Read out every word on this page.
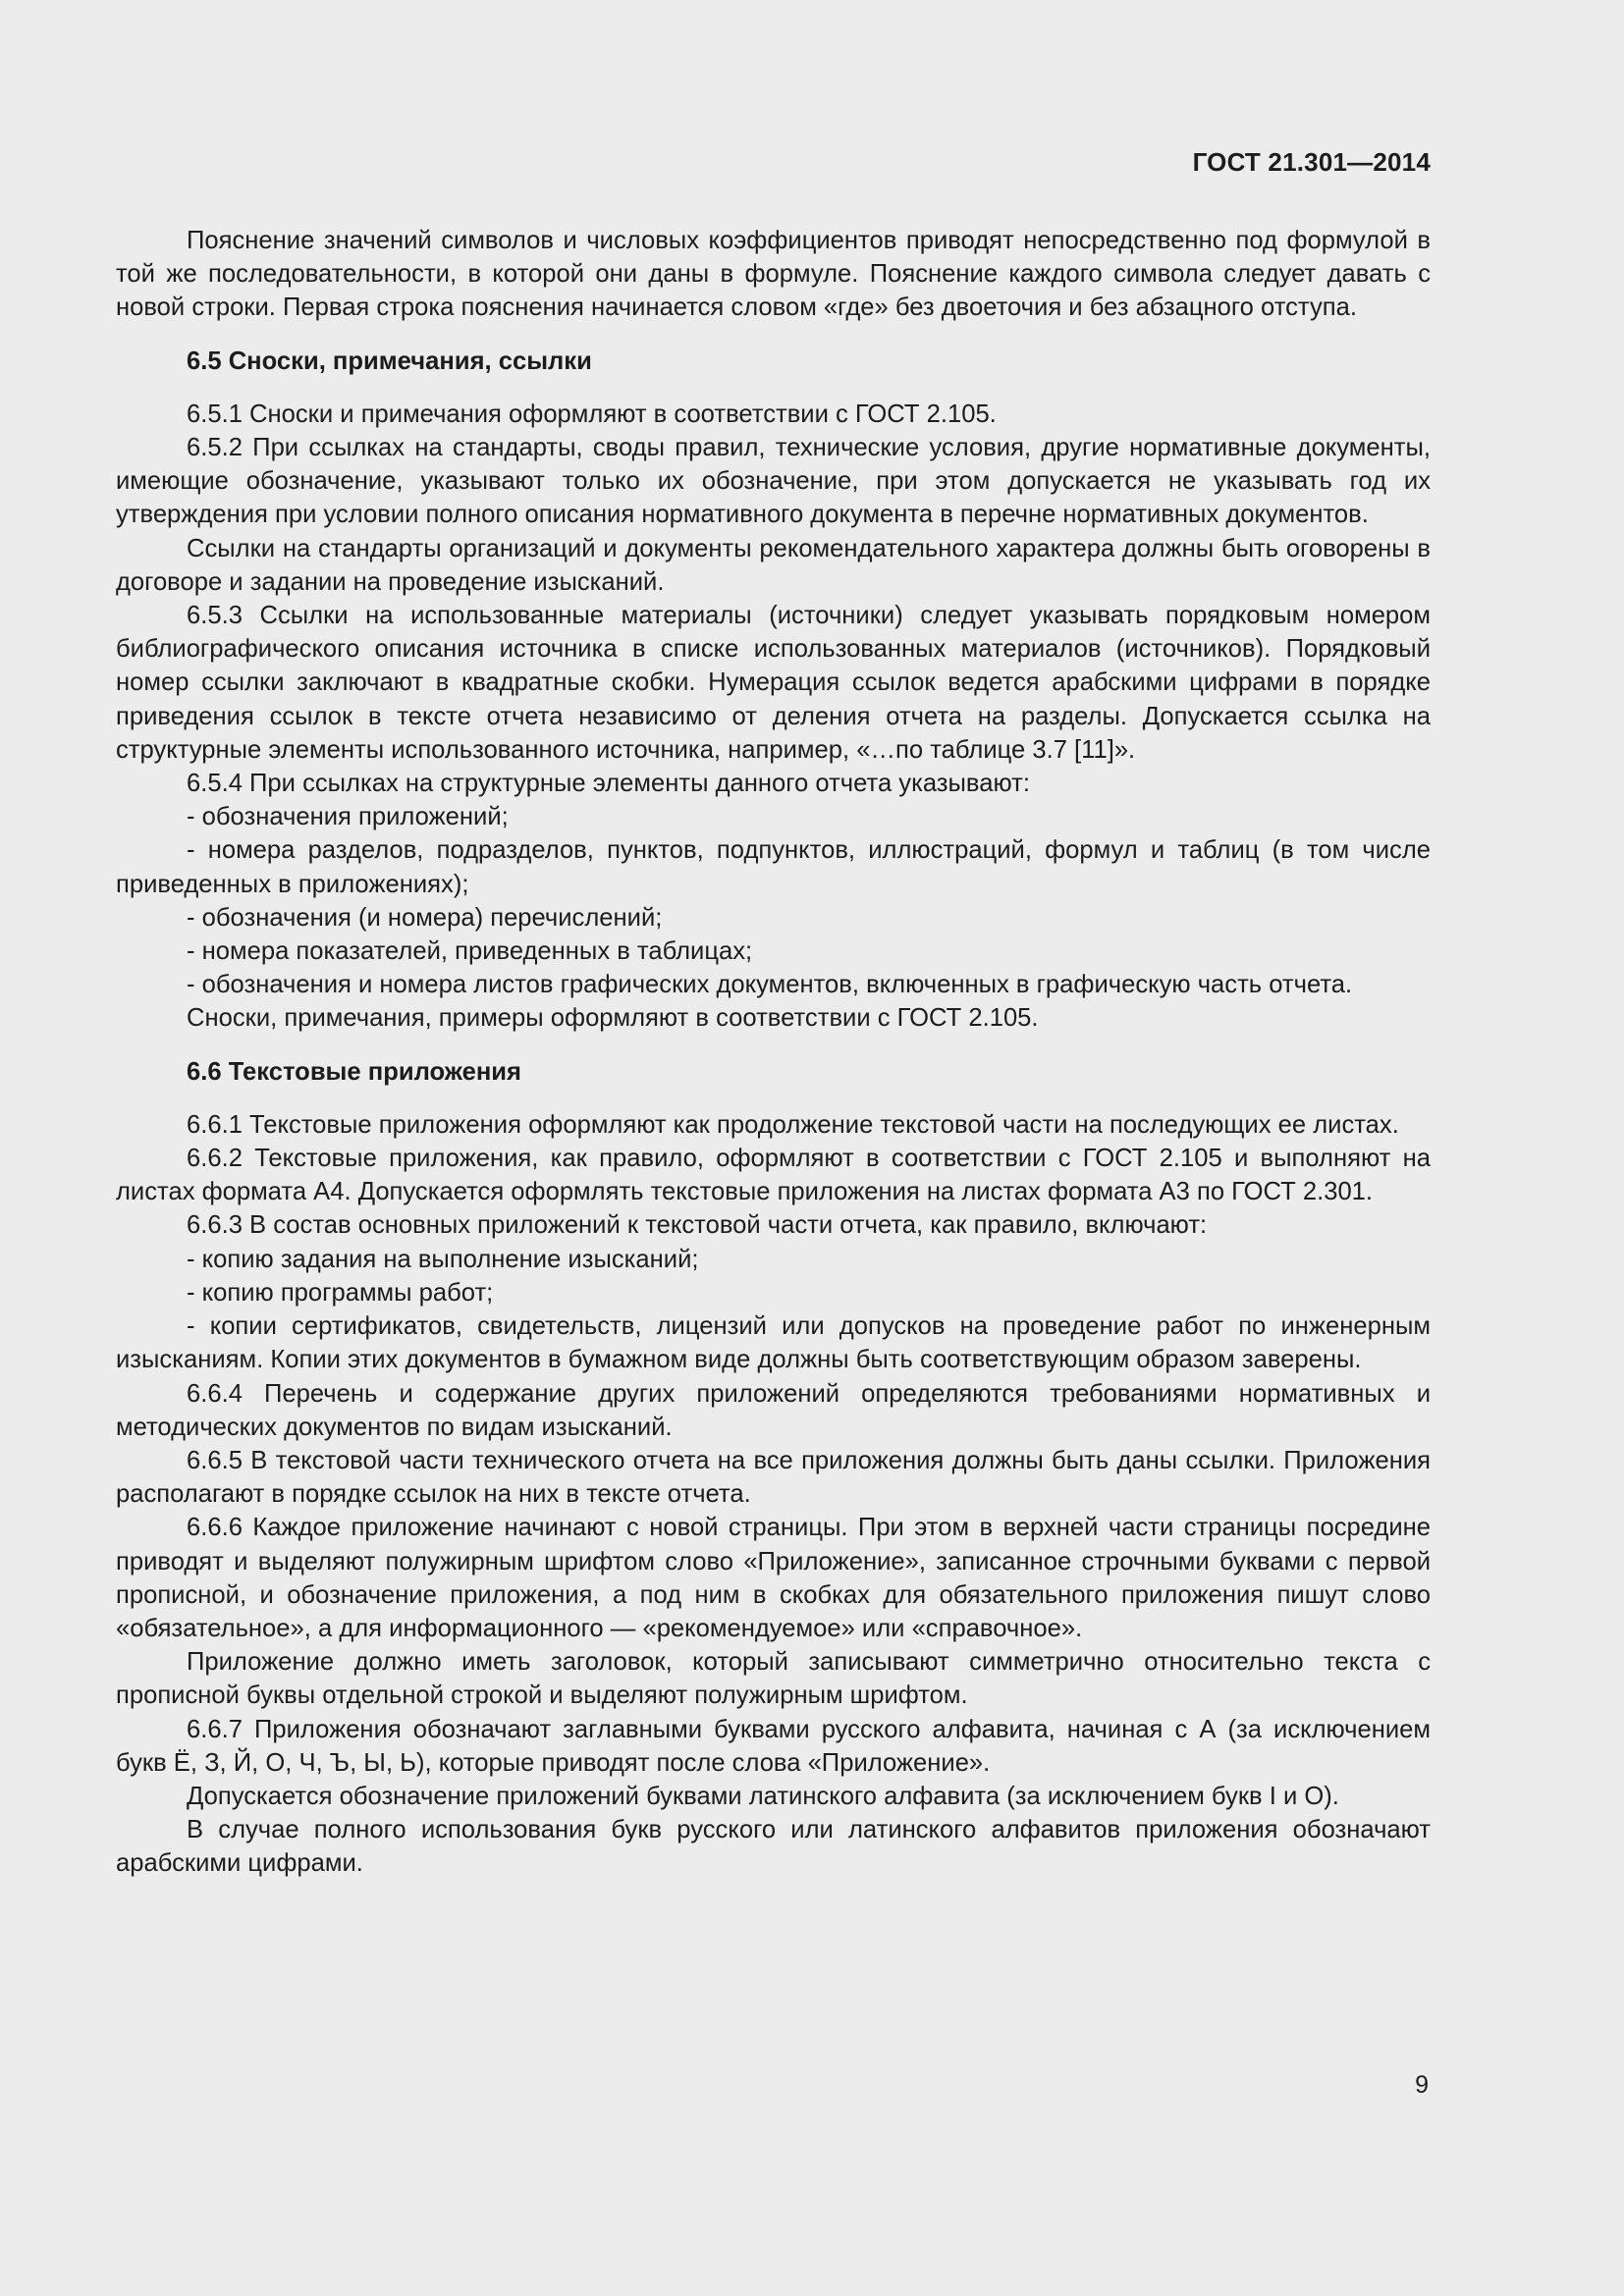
ГОСТ 21.301—2014

Пояснение значений символов и числовых коэффициентов приводят непосредственно под формулой в той же последовательности, в которой они даны в формуле. Пояснение каждого символа следует давать с новой строки. Первая строка пояснения начинается словом «где» без двоеточия и без абзацного отступа.

6.5 Сноски, примечания, ссылки

6.5.1 Сноски и примечания оформляют в соответствии с ГОСТ 2.105.

6.5.2 При ссылках на стандарты, своды правил, технические условия, другие нормативные документы, имеющие обозначение, указывают только их обозначение, при этом допускается не указывать год их утверждения при условии полного описания нормативного документа в перечне нормативных документов.

Ссылки на стандарты организаций и документы рекомендательного характера должны быть оговорены в договоре и задании на проведение изысканий.

6.5.3 Ссылки на использованные материалы (источники) следует указывать порядковым номером библиографического описания источника в списке использованных материалов (источников). Порядковый номер ссылки заключают в квадратные скобки. Нумерация ссылок ведется арабскими цифрами в порядке приведения ссылок в тексте отчета независимо от деления отчета на разделы. Допускается ссылка на структурные элементы использованного источника, например, «…по таблице 3.7 [11]».

6.5.4 При ссылках на структурные элементы данного отчета указывают:

- обозначения приложений;

- номера разделов, подразделов, пунктов, подпунктов, иллюстраций, формул и таблиц (в том числе приведенных в приложениях);

- обозначения (и номера) перечислений;

- номера показателей, приведенных в таблицах;

- обозначения и номера листов графических документов, включенных в графическую часть отчета.

Сноски, примечания, примеры оформляют в соответствии с ГОСТ 2.105.

6.6 Текстовые приложения

6.6.1 Текстовые приложения оформляют как продолжение текстовой части на последующих ее листах.

6.6.2 Текстовые приложения, как правило, оформляют в соответствии с ГОСТ 2.105 и выполняют на листах формата А4. Допускается оформлять текстовые приложения на листах формата А3 по ГОСТ 2.301.

6.6.3 В состав основных приложений к текстовой части отчета, как правило, включают:

- копию задания на выполнение изысканий;

- копию программы работ;

- копии сертификатов, свидетельств, лицензий или допусков на проведение работ по инженерным изысканиям. Копии этих документов в бумажном виде должны быть соответствующим образом заверены.

6.6.4 Перечень и содержание других приложений определяются требованиями нормативных и методических документов по видам изысканий.

6.6.5 В текстовой части технического отчета на все приложения должны быть даны ссылки. Приложения располагают в порядке ссылок на них в тексте отчета.

6.6.6 Каждое приложение начинают с новой страницы. При этом в верхней части страницы посредине приводят и выделяют полужирным шрифтом слово «Приложение», записанное строчными буквами с первой прописной, и обозначение приложения, а под ним в скобках для обязательного приложения пишут слово «обязательное», а для информационного — «рекомендуемое» или «справочное».

Приложение должно иметь заголовок, который записывают симметрично относительно текста с прописной буквы отдельной строкой и выделяют полужирным шрифтом.

6.6.7 Приложения обозначают заглавными буквами русского алфавита, начиная с А (за исключением букв Ё, З, Й, О, Ч, Ъ, Ы, Ь), которые приводят после слова «Приложение».

Допускается обозначение приложений буквами латинского алфавита (за исключением букв I и O).

В случае полного использования букв русского или латинского алфавитов приложения обозначают арабскими цифрами.

9
